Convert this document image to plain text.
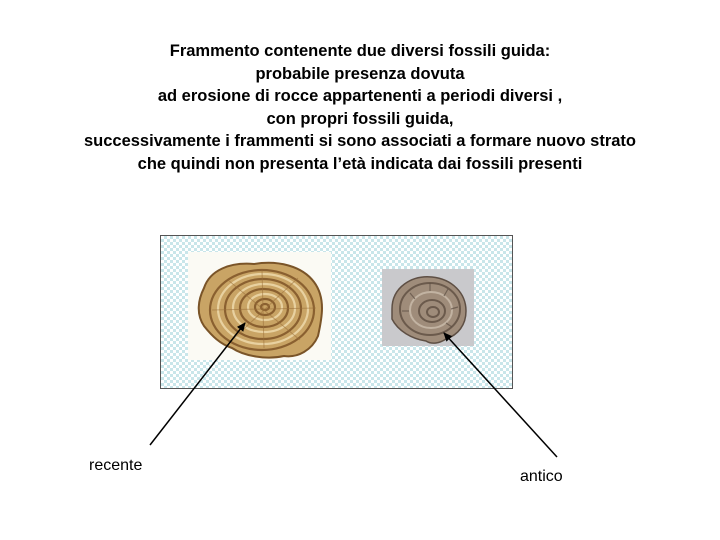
Frammento contenente due diversi fossili guida:
probabile presenza dovuta
ad erosione di rocce appartenenti a periodi diversi ,
con propri fossili guida,
successivamente i frammenti si sono associati a formare nuovo strato
che quindi non presenta l’età indicata dai fossili presenti
recente
antico
